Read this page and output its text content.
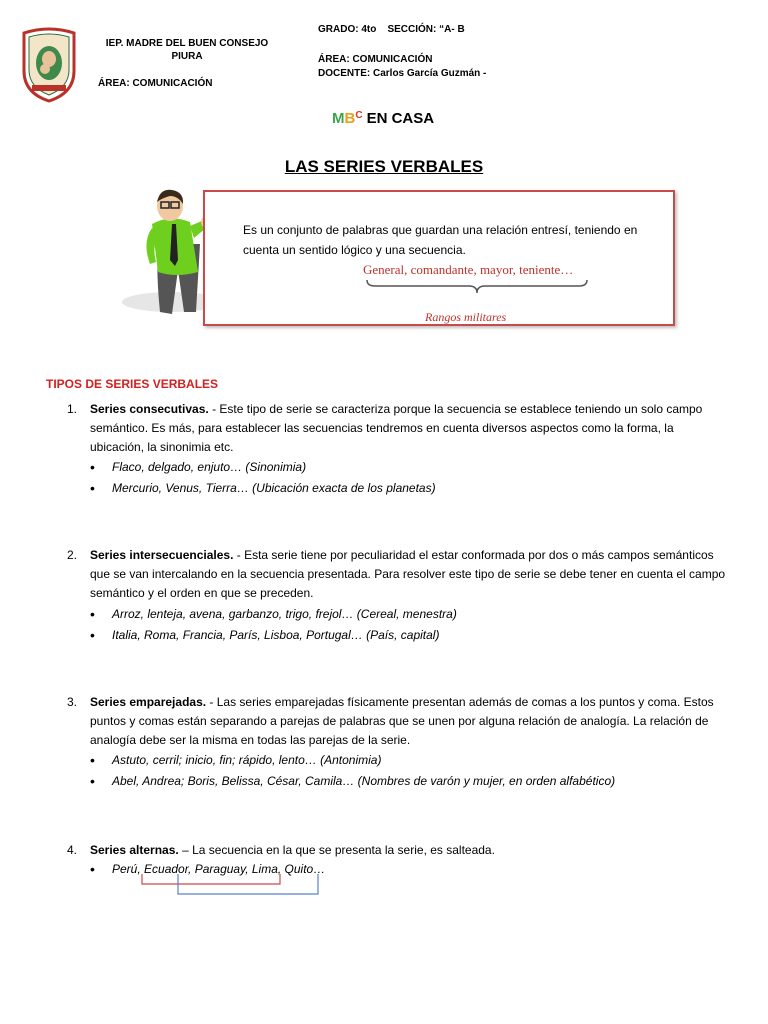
IEP. MADRE DEL BUEN CONSEJO
PIURA
ÁREA: COMUNICACIÓN
GRADO: 4to    SECCIÓN: “A- B
ÁREA: COMUNICACIÓN
DOCENTE: Carlos García Guzmán -
$MB^C$ EN CASA
LAS SERIES VERBALES
Es un conjunto de palabras que guardan una relación entresí, teniendo en cuenta un sentido lógico y una secuencia.
General, comandante, mayor, teniente…
Rangos militares
TIPOS DE SERIES VERBALES
1. Series consecutivas. - Este tipo de serie se caracteriza porque la secuencia se establece teniendo un solo campo semántico. Es más, para establecer las secuencias tendremos en cuenta diversos aspectos como la forma, la ubicación, la sinonimia etc.
• Flaco, delgado, enjuto… (Sinonimia)
• Mercurio, Venus, Tierra… (Ubicación exacta de los planetas)
2. Series intersecuenciales. - Esta serie tiene por peculiaridad el estar conformada por dos o más campos semánticos que se van intercalando en la secuencia presentada. Para resolver este tipo de serie se debe tener en cuenta el campo semántico y el orden en que se preceden.
• Arroz, lenteja, avena, garbanzo, trigo, frejol… (Cereal, menestra)
• Italia, Roma, Francia, París, Lisboa, Portugal… (País, capital)
3. Series emparejadas. - Las series emparejadas físicamente presentan además de comas a los puntos y coma. Estos puntos y comas están separando a parejas de palabras que se unen por alguna relación de analogía. La relación de analogía debe ser la misma en todas las parejas de la serie.
• Astuto, cerril; inicio, fin; rápido, lento… (Antonimia)
• Abel, Andrea; Boris, Belissa, César, Camila… (Nombres de varón y mujer, en orden alfabético)
4. Series alternas. – La secuencia en la que se presenta la serie, es salteada.
• Perú, Ecuador, Paraguay, Lima, Quito…
